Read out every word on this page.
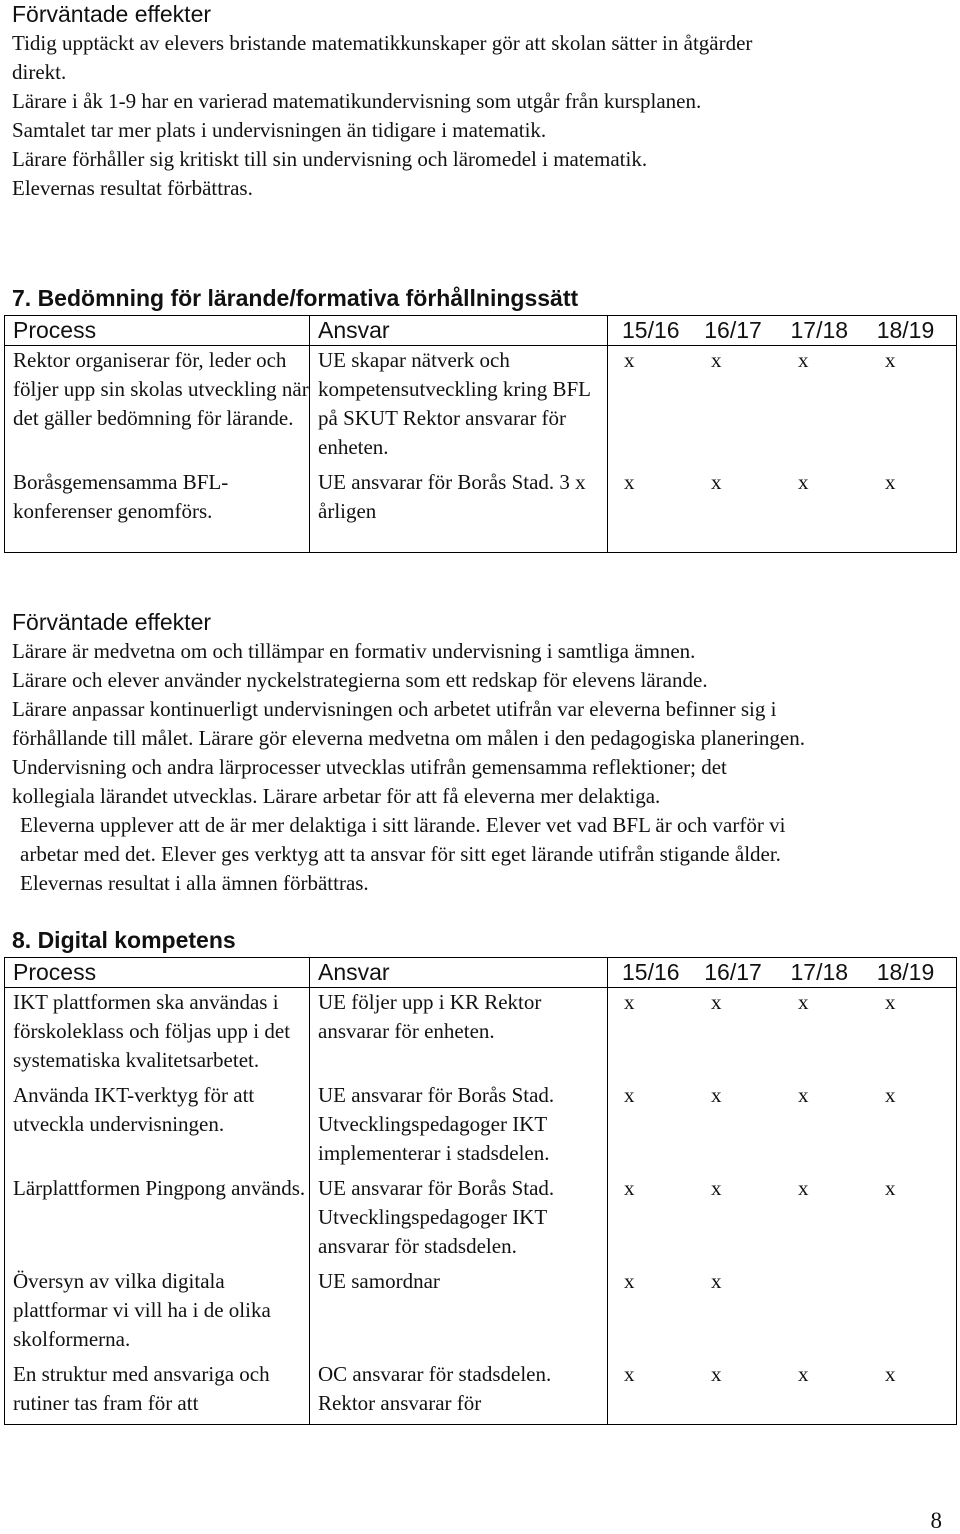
Förväntade effekter

Tidig upptäckt av elevers bristande matematikkunskaper gör att skolan sätter in åtgärder

direkt.

Lärare i åk 1-9 har en varierad matematikundervisning som utgår från kursplanen.

Samtalet tar mer plats i undervisningen än tidigare i matematik.

Lärare förhåller sig kritiskt till sin undervisning och läromedel i matematik.

Elevernas resultat förbättras.

7. Bedömning för lärande/formativa förhållningssätt
Process	Ansvar	15/16 16/17 17/18 18/19

Rektor organiserar för, leder och följer upp sin skolas utveckling när det gäller bedömning för lärande.	UE skapar nätverk och kompetensutveckling kring BFL på SKUT Rektor ansvarar för enheten.	x x x x

Boråsgemensamma BFL-konferenser genomförs.	UE ansvarar för Borås Stad. 3 x årligen	x x x x
Förväntade effekter

Lärare är medvetna om och tillämpar en formativ undervisning i samtliga ämnen.

Lärare och elever använder nyckelstrategierna som ett redskap för elevens lärande.

Lärare anpassar kontinuerligt undervisningen och arbetet utifrån var eleverna befinner sig i

förhållande till målet. Lärare gör eleverna medvetna om målen i den pedagogiska planeringen.

Undervisning och andra lärprocesser utvecklas utifrån gemensamma reflektioner; det

kollegiala lärandet utvecklas. Lärare arbetar för att få eleverna mer delaktiga.

Eleverna upplever att de är mer delaktiga i sitt lärande. Elever vet vad BFL är och varför vi

arbetar med det. Elever ges verktyg att ta ansvar för sitt eget lärande utifrån stigande ålder.

Elevernas resultat i alla ämnen förbättras.

8. Digital kompetens
Process	Ansvar	15/16 16/17 17/18 18/19

IKT plattformen ska användas i förskoleklass och följas upp i det systematiska kvalitetsarbetet.	UE följer upp i KR Rektor ansvarar för enheten.	x x x x

Använda IKT-verktyg för att utveckla undervisningen.	UE ansvarar för Borås Stad. Utvecklingspedagoger IKT implementerar i stadsdelen.	x x x x

Lärplattformen Pingpong används.	UE ansvarar för Borås Stad. Utvecklingspedagoger IKT ansvarar för stadsdelen.	x x x x

Översyn av vilka digitala plattformar vi vill ha i de olika skolformerna.	UE samordnar	x x

En struktur med ansvariga och rutiner tas fram för att	OC ansvarar för stadsdelen. Rektor ansvarar för	x x x x
8
